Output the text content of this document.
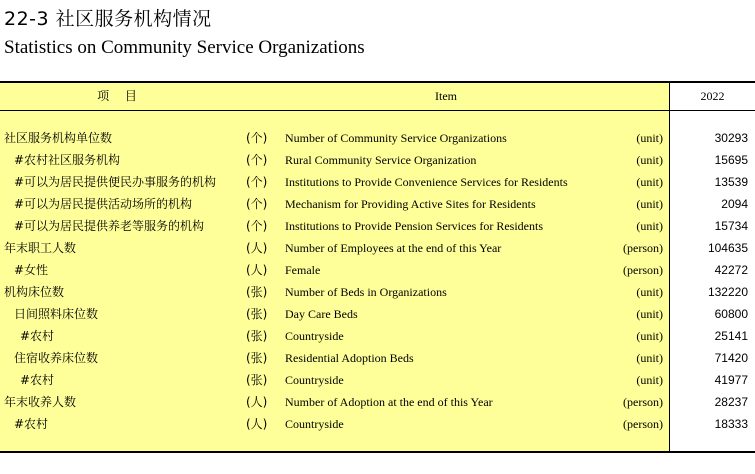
22-3 社区服务机构情况
Statistics on Community Service Organizations
项 目	Item	2022
社区服务机构单位数	(个) Number of Community Service Organizations	(unit)	30293
#农村社区服务机构	(个) Rural Community Service Organization	(unit)	15695
#可以为居民提供便民办事服务的机构 (个) Institutions to Provide Convenience Services for Residents	(unit)	13539
#可以为居民提供活动场所的机构	(个) Mechanism for Providing Active Sites for Residents	(unit)	2094
#可以为居民提供养老等服务的机构	(个) Institutions to Provide Pension Services for Residents	(unit)	15734
年末职工人数	(人) Number of Employees at the end of this Year	(person)	104635
#女性	(人) Female	(person)	42272
机构床位数	(张) Number of Beds in Organizations	(unit)	132220
日间照料床位数	(张) Day Care Beds	(unit)	60800
#农村	(张) Countryside	(unit)	25141
住宿收养床位数	(张) Residential Adoption Beds	(unit)	71420
#农村	(张) Countryside	(unit)	41977
年末收养人数	(人) Number of Adoption at the end of this Year	(person)	28237
#农村	(人) Countryside	(person)	18333
